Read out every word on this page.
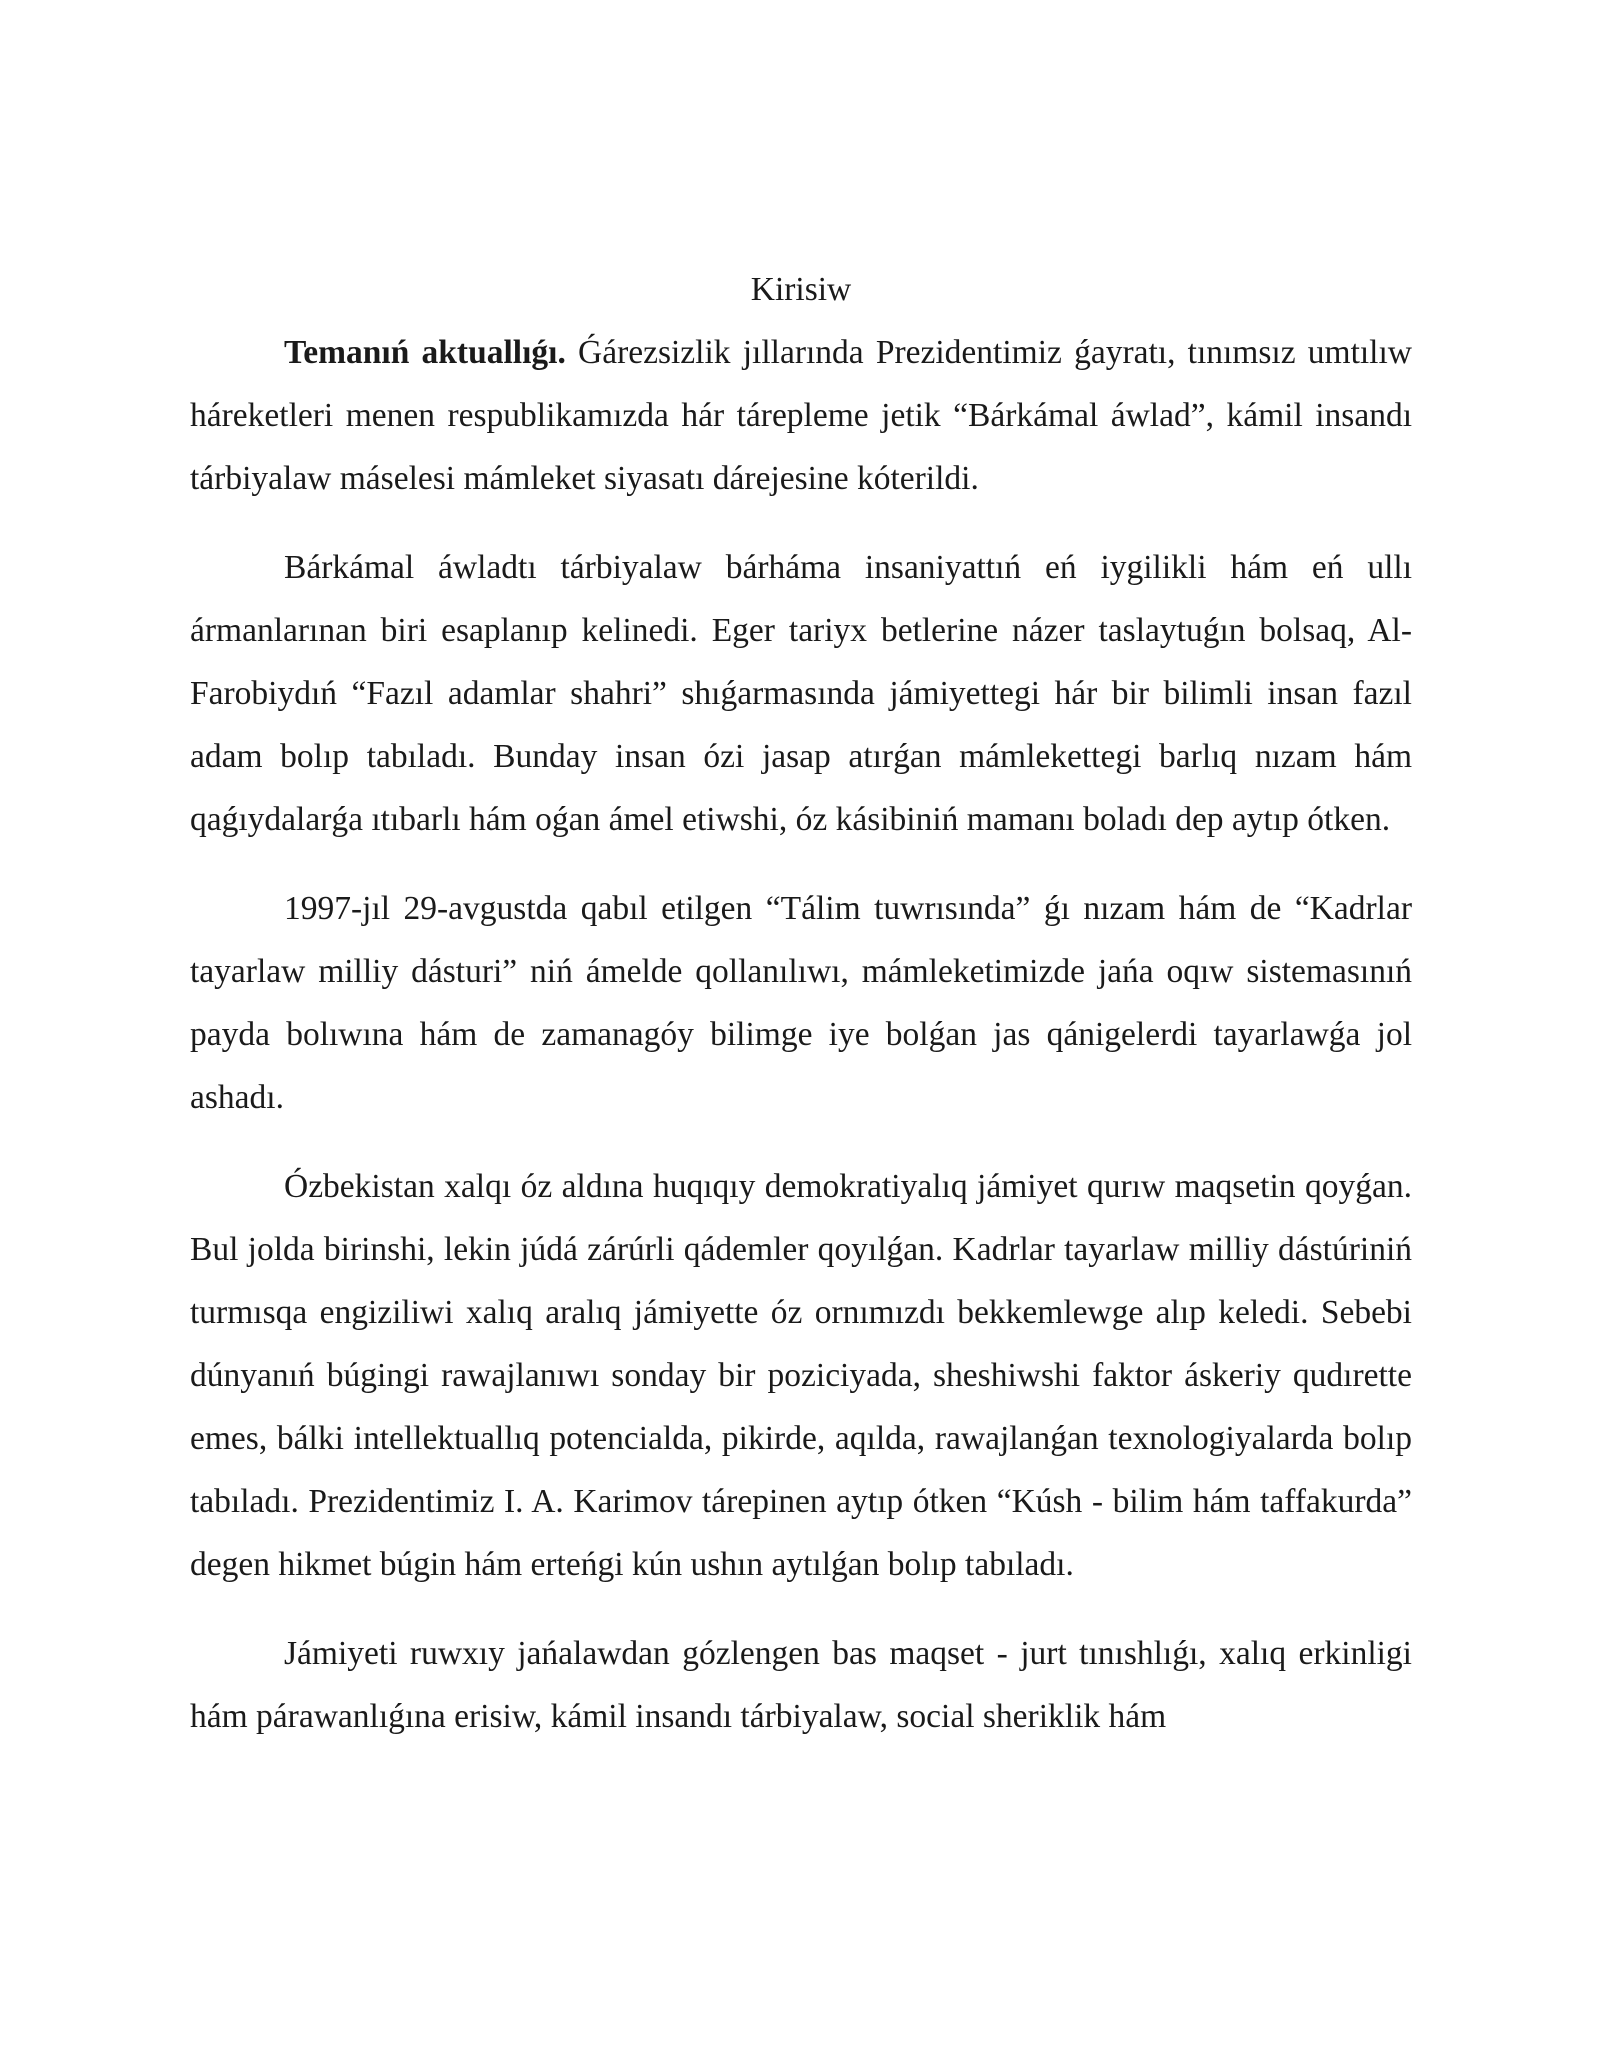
Kirisiw

Temanıń aktuallıǵı. Ǵárezsizlik jıllarında Prezidentimiz ǵayratı, tınımsız umtılıw háreketleri menen respublikamızda hár tárepleme jetik “Bárkámal áwlad”, kámil insandı tárbiyalaw máselesi mámleket siyasatı dárejesine kóterildi.

Bárkámal áwladtı tárbiyalaw bárháma insaniyattıń eń iygilikli hám eń ullı ármanlarınan biri esaplanıp kelinedi. Eger tariyx betlerine názer taslaytuǵın bolsaq, Al-Farobiydıń “Fazıl adamlar shahri” shıǵarmasında jámiyettegi hár bir bilimli insan fazıl adam bolıp tabıladı. Bunday insan ózi jasap atırǵan mámlekettegi barlıq nızam hám qaǵıydalarǵa ıtıbarlı hám oǵan ámel etiwshi, óz kásibiniń mamanı boladı dep aytıp ótken.

1997-jıl 29-avgustda qabıl etilgen “Tálim tuwrısında” ǵı nızam hám de “Kadrlar tayarlaw milliy dásturi” niń ámelde qollanılıwı, mámleketimizde jańa oqıw sistemasınıń payda bolıwına hám de zamanagóy bilimge iye bolǵan jas qánigelerdi tayarlawǵa jol ashadı.

Ózbekistan xalqı óz aldına huqıqıy demokratiyalıq jámiyet qurıw maqsetin qoyǵan. Bul jolda birinshi, lekin júdá zárúrli qádemler qoyılǵan. Kadrlar tayarlaw milliy dástúriniń turmısqa engiziliwi xalıq aralıq jámiyette óz ornımızdı bekkemlewge alıp keledi. Sebebi dúnyanıń búgingi rawajlanıwı sonday bir poziciyada, sheshiwshi faktor áskeriy qudırette emes, bálki intellektuallıq potencialda, pikirde, aqılda, rawajlanǵan texnologiyalarda bolıp tabıladı. Prezidentimiz I. A. Karimov tárepinen aytıp ótken “Kúsh - bilim hám taffakurda” degen hikmet búgin hám erteńgi kún ushın aytılǵan bolıp tabıladı.

Jámiyeti ruwxıy jańalawdan gózlengen bas maqset - jurt tınıshlıǵı, xalıq erkinligi hám párawanlıǵına erisiw, kámil insandı tárbiyalaw, social sheriklik hám
